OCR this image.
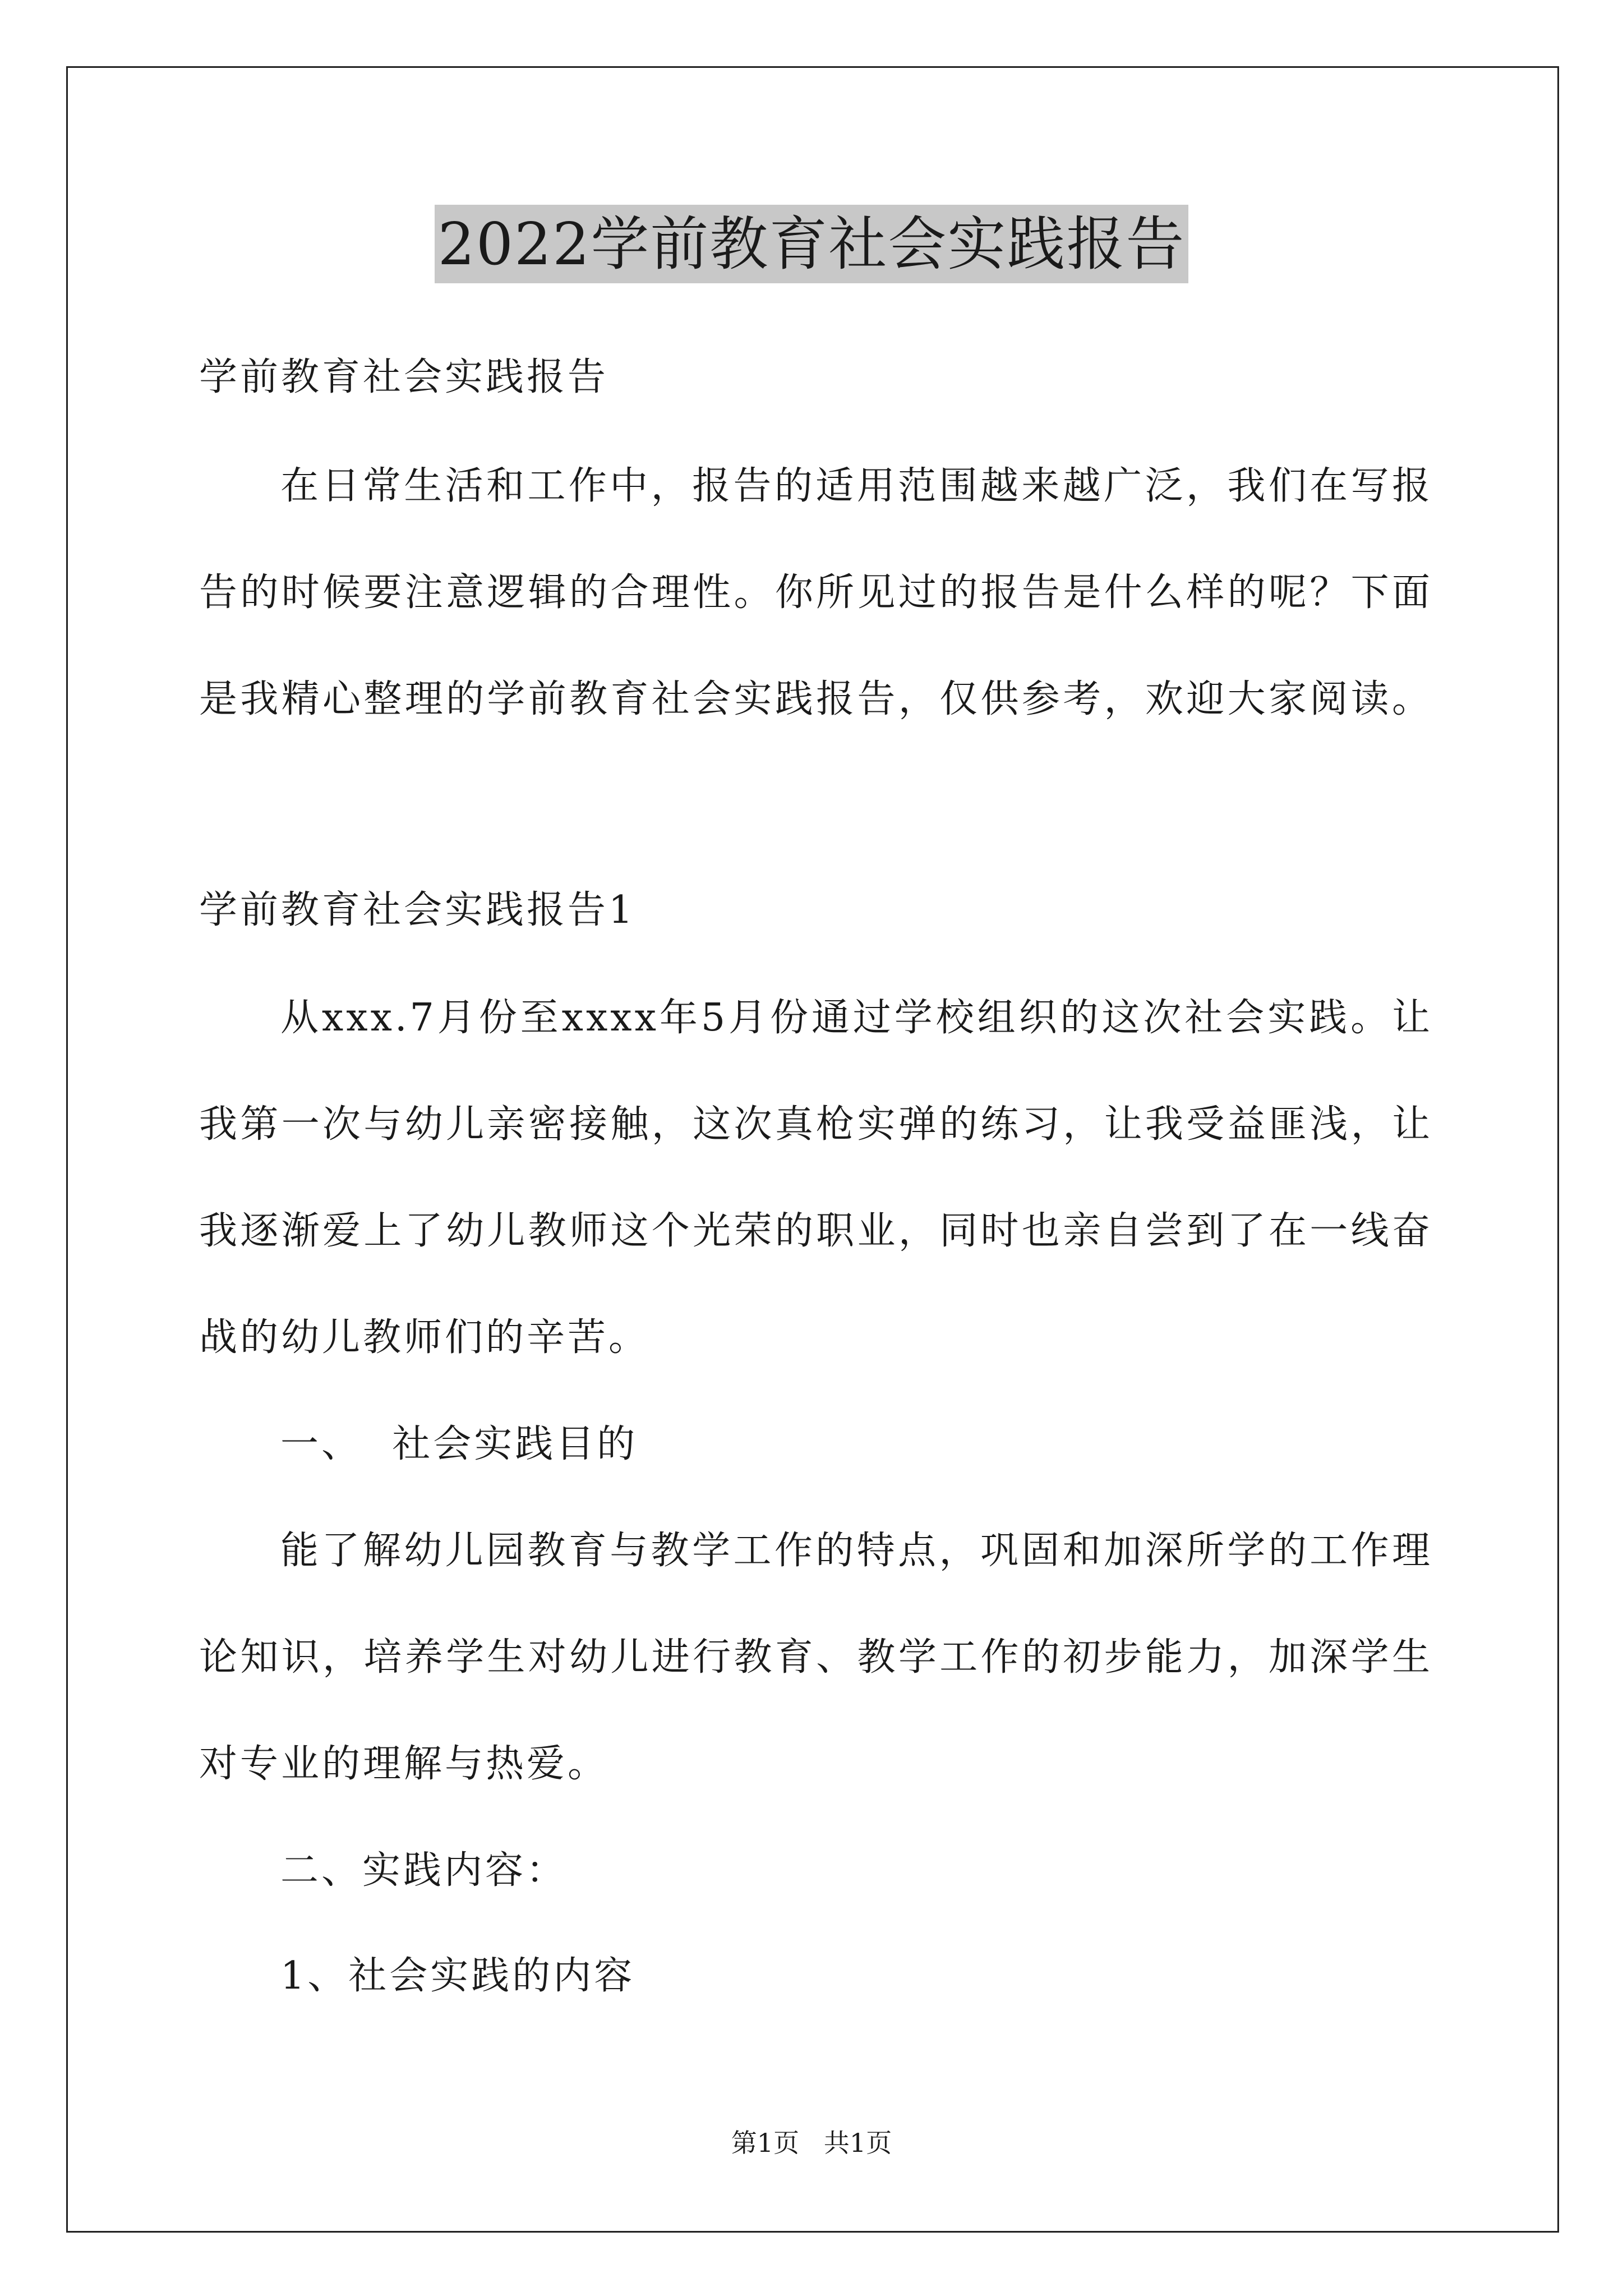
2022学前教育社会实践报告
学前教育社会实践报告
在日常生活和工作中，报告的适用范围越来越广泛，我们在写报
告的时候要注意逻辑的合理性。你所见过的报告是什么样的呢？下面
是我精心整理的学前教育社会实践报告，仅供参考，欢迎大家阅读。
学前教育社会实践报告1
从xxx.7月份至xxxx年5月份通过学校组织的这次社会实践。让
我第一次与幼儿亲密接触，这次真枪实弹的练习，让我受益匪浅，让
我逐渐爱上了幼儿教师这个光荣的职业，同时也亲自尝到了在一线奋
战的幼儿教师们的辛苦。
一、  社会实践目的
能了解幼儿园教育与教学工作的特点，巩固和加深所学的工作理
论知识，培养学生对幼儿进行教育、教学工作的初步能力，加深学生
对专业的理解与热爱。
二、实践内容：
1、社会实践的内容
第1页   共1页
